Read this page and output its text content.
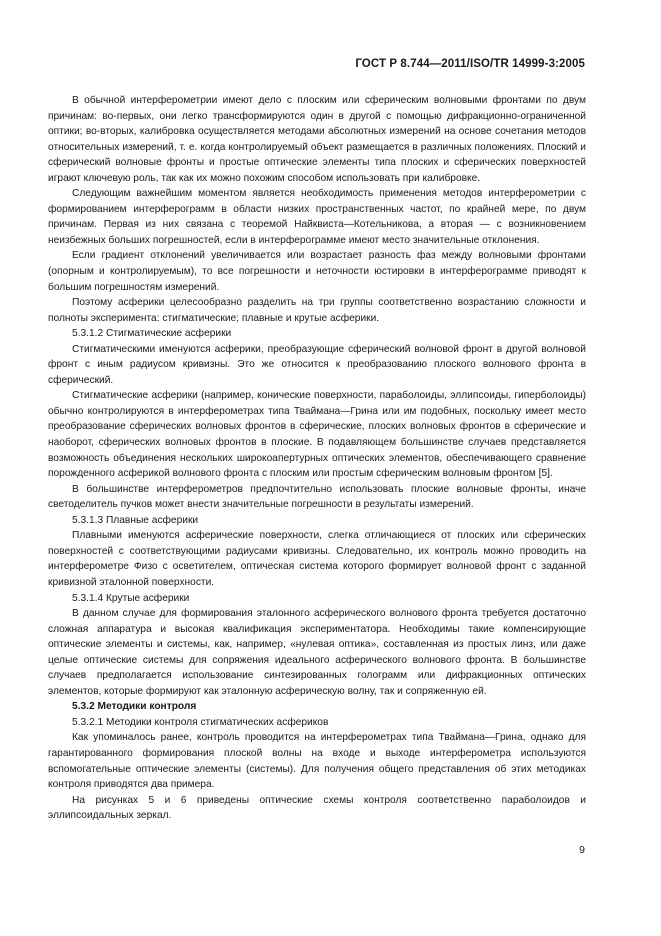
ГОСТ Р 8.744—2011/ISO/TR 14999-3:2005

В обычной интерферометрии имеют дело с плоским или сферическим волновыми фронтами по двум причинам: во-первых, они легко трансформируются один в другой с помощью дифракционно-ограниченной оптики; во-вторых, калибровка осуществляется методами абсолютных измерений на основе сочетания методов относительных измерений, т. е. когда контролируемый объект размещается в различных положениях. Плоский и сферический волновые фронты и простые оптические элементы типа плоских и сферических поверхностей играют ключевую роль, так как их можно похожим способом использовать при калибровке.

Следующим важнейшим моментом является необходимость применения методов интерферометрии с формированием интерферограмм в области низких пространственных частот, по крайней мере, по двум причинам. Первая из них связана с теоремой Найквиста—Котельникова, а вторая — с возникновением неизбежных больших погрешностей, если в интерферограмме имеют место значительные отклонения.

Если градиент отклонений увеличивается или возрастает разность фаз между волновыми фронтами (опорным и контролируемым), то все погрешности и неточности юстировки в интерферограмме приводят к большим погрешностям измерений.

Поэтому асферики целесообразно разделить на три группы соответственно возрастанию сложности и полноты эксперимента: стигматические; плавные и крутые асферики.

5.3.1.2 Стигматические асферики

Стигматическими именуются асферики, преобразующие сферический волновой фронт в другой волновой фронт с иным радиусом кривизны. Это же относится к преобразованию плоского волнового фронта в сферический.

Стигматические асферики (например, конические поверхности, параболоиды, эллипсоиды, гиперболоиды) обычно контролируются в интерферометрах типа Тваймана—Грина или им подобных, поскольку имеет место преобразование сферических волновых фронтов в сферические, плоских волновых фронтов в сферические и наоборот, сферических волновых фронтов в плоские. В подавляющем большинстве случаев представляется возможность объединения нескольких широкоапертурных оптических элементов, обеспечивающего сравнение порожденного асферикой волнового фронта с плоским или простым сферическим волновым фронтом [5].

В большинстве интерферометров предпочтительно использовать плоские волновые фронты, иначе светоделитель пучков может внести значительные погрешности в результаты измерений.

5.3.1.3 Плавные асферики

Плавными именуются асферические поверхности, слегка отличающиеся от плоских или сферических поверхностей с соответствующими радиусами кривизны. Следовательно, их контроль можно проводить на интерферометре Физо с осветителем, оптическая система которого формирует волновой фронт с заданной кривизной эталонной поверхности.

5.3.1.4 Крутые асферики

В данном случае для формирования эталонного асферического волнового фронта требуется достаточно сложная аппаратура и высокая квалификация экспериментатора. Необходимы такие компенсирующие оптические элементы и системы, как, например, «нулевая оптика», составленная из простых линз, или даже целые оптические системы для сопряжения идеального асферического волнового фронта. В большинстве случаев предполагается использование синтезированных голограмм или дифракционных оптических элементов, которые формируют как эталонную асферическую волну, так и сопряженную ей.

5.3.2 Методики контроля

5.3.2.1 Методики контроля стигматических асфериков

Как упоминалось ранее, контроль проводится на интерферометрах типа Тваймана—Грина, однако для гарантированного формирования плоской волны на входе и выходе интерферометра используются вспомогательные оптические элементы (системы). Для получения общего представления об этих методиках контроля приводятся два примера.

На рисунках 5 и 6 приведены оптические схемы контроля соответственно параболоидов и эллипсоидальных зеркал.

9
